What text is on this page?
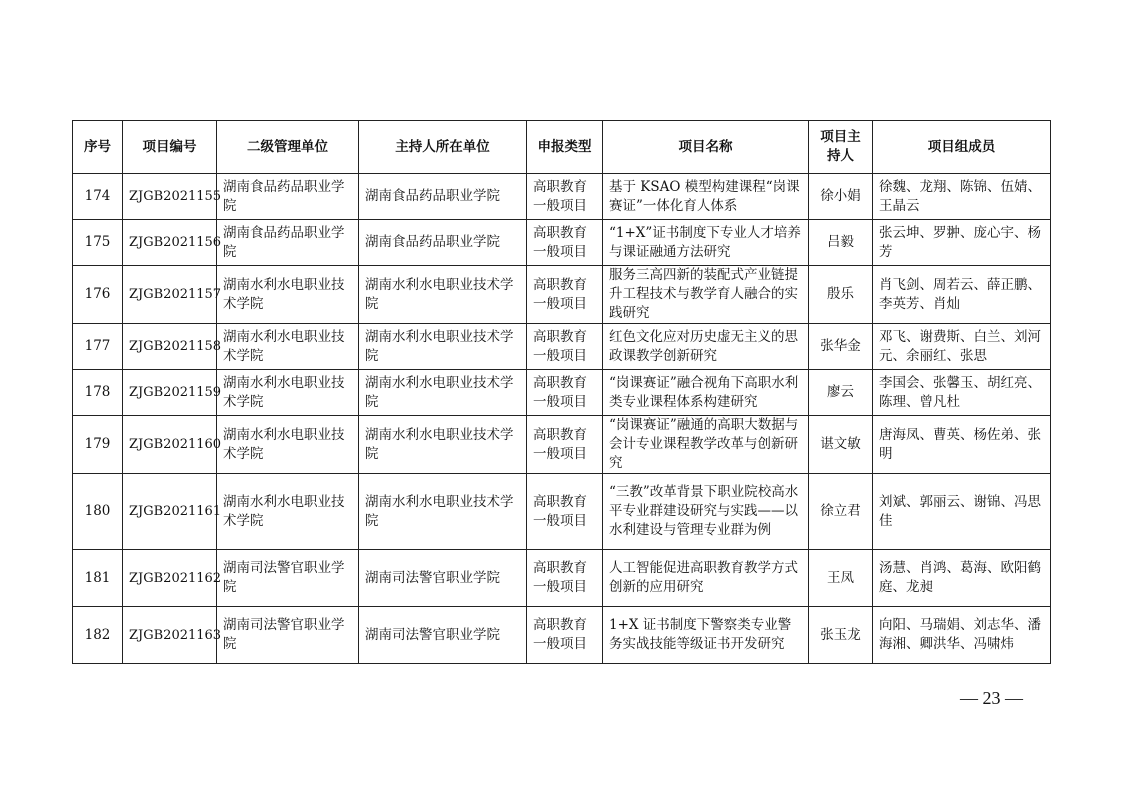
序号	项目编号	二级管理单位	主持人所在单位	申报类型	项目名称	项目主持人	项目组成员
174	ZJGB2021155	湖南食品药品职业学院	湖南食品药品职业学院	高职教育一般项目	基于 KSAO 模型构建课程“岗课赛证”一体化育人体系	徐小娟	徐魏、龙翔、陈锦、伍婧、王晶云
175	ZJGB2021156	湖南食品药品职业学院	湖南食品药品职业学院	高职教育一般项目	“1+X”证书制度下专业人才培养与课证融通方法研究	吕毅	张云坤、罗翀、庞心宇、杨芳
176	ZJGB2021157	湖南水利水电职业技术学院	湖南水利水电职业技术学院	高职教育一般项目	服务三高四新的装配式产业链提升工程技术与教学育人融合的实践研究	殷乐	肖飞剑、周若云、薛正鹏、李英芳、肖灿
177	ZJGB2021158	湖南水利水电职业技术学院	湖南水利水电职业技术学院	高职教育一般项目	红色文化应对历史虚无主义的思政课教学创新研究	张华金	邓飞、谢费斯、白兰、刘河元、余丽红、张思
178	ZJGB2021159	湖南水利水电职业技术学院	湖南水利水电职业技术学院	高职教育一般项目	“岗课赛证”融合视角下高职水利类专业课程体系构建研究	廖云	李国会、张馨玉、胡红亮、陈理、曾凡杜
179	ZJGB2021160	湖南水利水电职业技术学院	湖南水利水电职业技术学院	高职教育一般项目	“岗课赛证”融通的高职大数据与会计专业课程教学改革与创新研究	谌文敏	唐海凤、曹英、杨佐弟、张明
180	ZJGB2021161	湖南水利水电职业技术学院	湖南水利水电职业技术学院	高职教育一般项目	“三教”改革背景下职业院校高水平专业群建设研究与实践——以水利建设与管理专业群为例	徐立君	刘斌、郭丽云、谢锦、冯思佳
181	ZJGB2021162	湖南司法警官职业学院	湖南司法警官职业学院	高职教育一般项目	人工智能促进高职教育教学方式创新的应用研究	王凤	汤慧、肖鸿、葛海、欧阳鹤庭、龙昶
182	ZJGB2021163	湖南司法警官职业学院	湖南司法警官职业学院	高职教育一般项目	1+X 证书制度下警察类专业警务实战技能等级证书开发研究	张玉龙	向阳、马瑞娟、刘志华、潘海湘、卿洪华、冯啸炜
— 23 —
